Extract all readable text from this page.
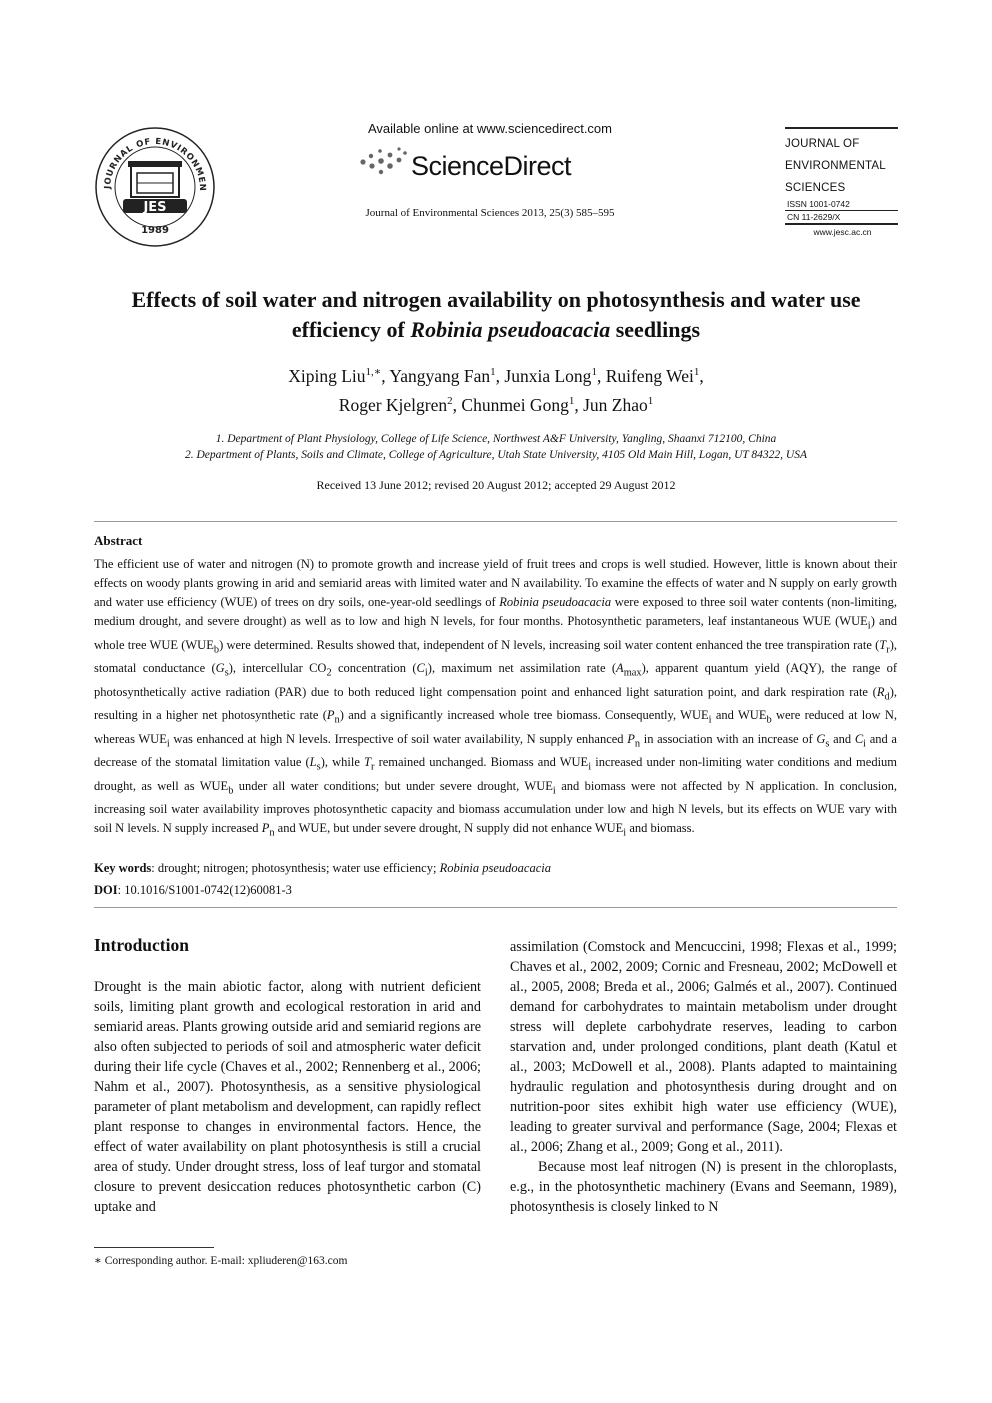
JOURNAL OF ENVIRONMEN
JES
1989
Available online at www.sciencedirect.com
ScienceDirect
Journal of Environmental Sciences 2013, 25(3) 585–595
JOURNAL OF
ENVIRONMENTAL
SCIENCES
ISSN 1001-0742
CN 11-2629/X
www.jesc.ac.cn
Effects of soil water and nitrogen availability on photosynthesis and water use
efficiency of Robinia pseudoacacia seedlings
Xiping Liu$^{1,∗}$, Yangyang Fan$^1$, Junxia Long$^1$, Ruifeng Wei$^1$,
Roger Kjelgren$^2$, Chunmei Gong$^1$, Jun Zhao$^1$
1. Department of Plant Physiology, College of Life Science, Northwest A&F University, Yangling, Shaanxi 712100, China
2. Department of Plants, Soils and Climate, College of Agriculture, Utah State University, 4105 Old Main Hill, Logan, UT 84322, USA
Received 13 June 2012; revised 20 August 2012; accepted 29 August 2012
Abstract
The efficient use of water and nitrogen (N) to promote growth and increase yield of fruit trees and crops is well studied. However, little is known about their effects on woody plants growing in arid and semiarid areas with limited water and N availability. To examine the effects of water and N supply on early growth and water use efficiency (WUE) of trees on dry soils, one-year-old seedlings of Robinia pseudoacacia were exposed to three soil water contents (non-limiting, medium drought, and severe drought) as well as to low and high N levels, for four months. Photosynthetic parameters, leaf instantaneous WUE $(WUE_i)$ and whole tree WUE $(WUE_b)$ were determined. Results showed that, independent of N levels, increasing soil water content enhanced the tree transpiration rate $(T_r)$, stomatal conductance $(G_s)$, intercellular $CO_2$ concentration $(C_i)$, maximum net assimilation rate $(A_{max})$, apparent quantum yield (AQY), the range of photosynthetically active radiation (PAR) due to both reduced light compensation point and enhanced light saturation point, and dark respiration rate $(R_d)$, resulting in a higher net photosynthetic rate $(P_n)$ and a significantly increased whole tree biomass. Consequently, $WUE_i$ and $WUE_b$ were reduced at low N, whereas $WUE_i$ was enhanced at high N levels. Irrespective of soil water availability, N supply enhanced $P_n$ in association with an increase of $G_s$ and $C_i$ and a decrease of the stomatal limitation value $(L_s)$, while $T_r$ remained unchanged. Biomass and $WUE_i$ increased under non-limiting water conditions and medium drought, as well as $WUE_b$ under all water conditions; but under severe drought, $WUE_i$ and biomass were not affected by N application. In conclusion, increasing soil water availability improves photosynthetic capacity and biomass accumulation under low and high N levels, but its effects on WUE vary with soil N levels. N supply increased $P_n$ and WUE, but under severe drought, N supply did not enhance $WUE_i$ and biomass.
Key words: drought; nitrogen; photosynthesis; water use efficiency; Robinia pseudoacacia
DOI: 10.1016/S1001-0742(12)60081-3
Introduction
Drought is the main abiotic factor, along with nutrient deficient soils, limiting plant growth and ecological restoration in arid and semiarid areas. Plants growing outside arid and semiarid regions are also often subjected to periods of soil and atmospheric water deficit during their life cycle (Chaves et al., 2002; Rennenberg et al., 2006; Nahm et al., 2007). Photosynthesis, as a sensitive physiological parameter of plant metabolism and development, can rapidly reflect plant response to changes in environmental factors. Hence, the effect of water availability on plant photosynthesis is still a crucial area of study. Under drought stress, loss of leaf turgor and stomatal closure to prevent desiccation reduces photosynthetic carbon (C) uptake and

assimilation (Comstock and Mencuccini, 1998; Flexas et al., 1999; Chaves et al., 2002, 2009; Cornic and Fresneau, 2002; McDowell et al., 2005, 2008; Breda et al., 2006; Galmés et al., 2007). Continued demand for carbohydrates to maintain metabolism under drought stress will deplete carbohydrate reserves, leading to carbon starvation and, under prolonged conditions, plant death (Katul et al., 2003; McDowell et al., 2008). Plants adapted to maintaining hydraulic regulation and photosynthesis during drought and on nutrition-poor sites exhibit high water use efficiency (WUE), leading to greater survival and performance (Sage, 2004; Flexas et al., 2006; Zhang et al., 2009; Gong et al., 2011).

Because most leaf nitrogen (N) is present in the chloroplasts, e.g., in the photosynthetic machinery (Evans and Seemann, 1989), photosynthesis is closely linked to N

∗ Corresponding author. E-mail: xpliuderen@163.com
